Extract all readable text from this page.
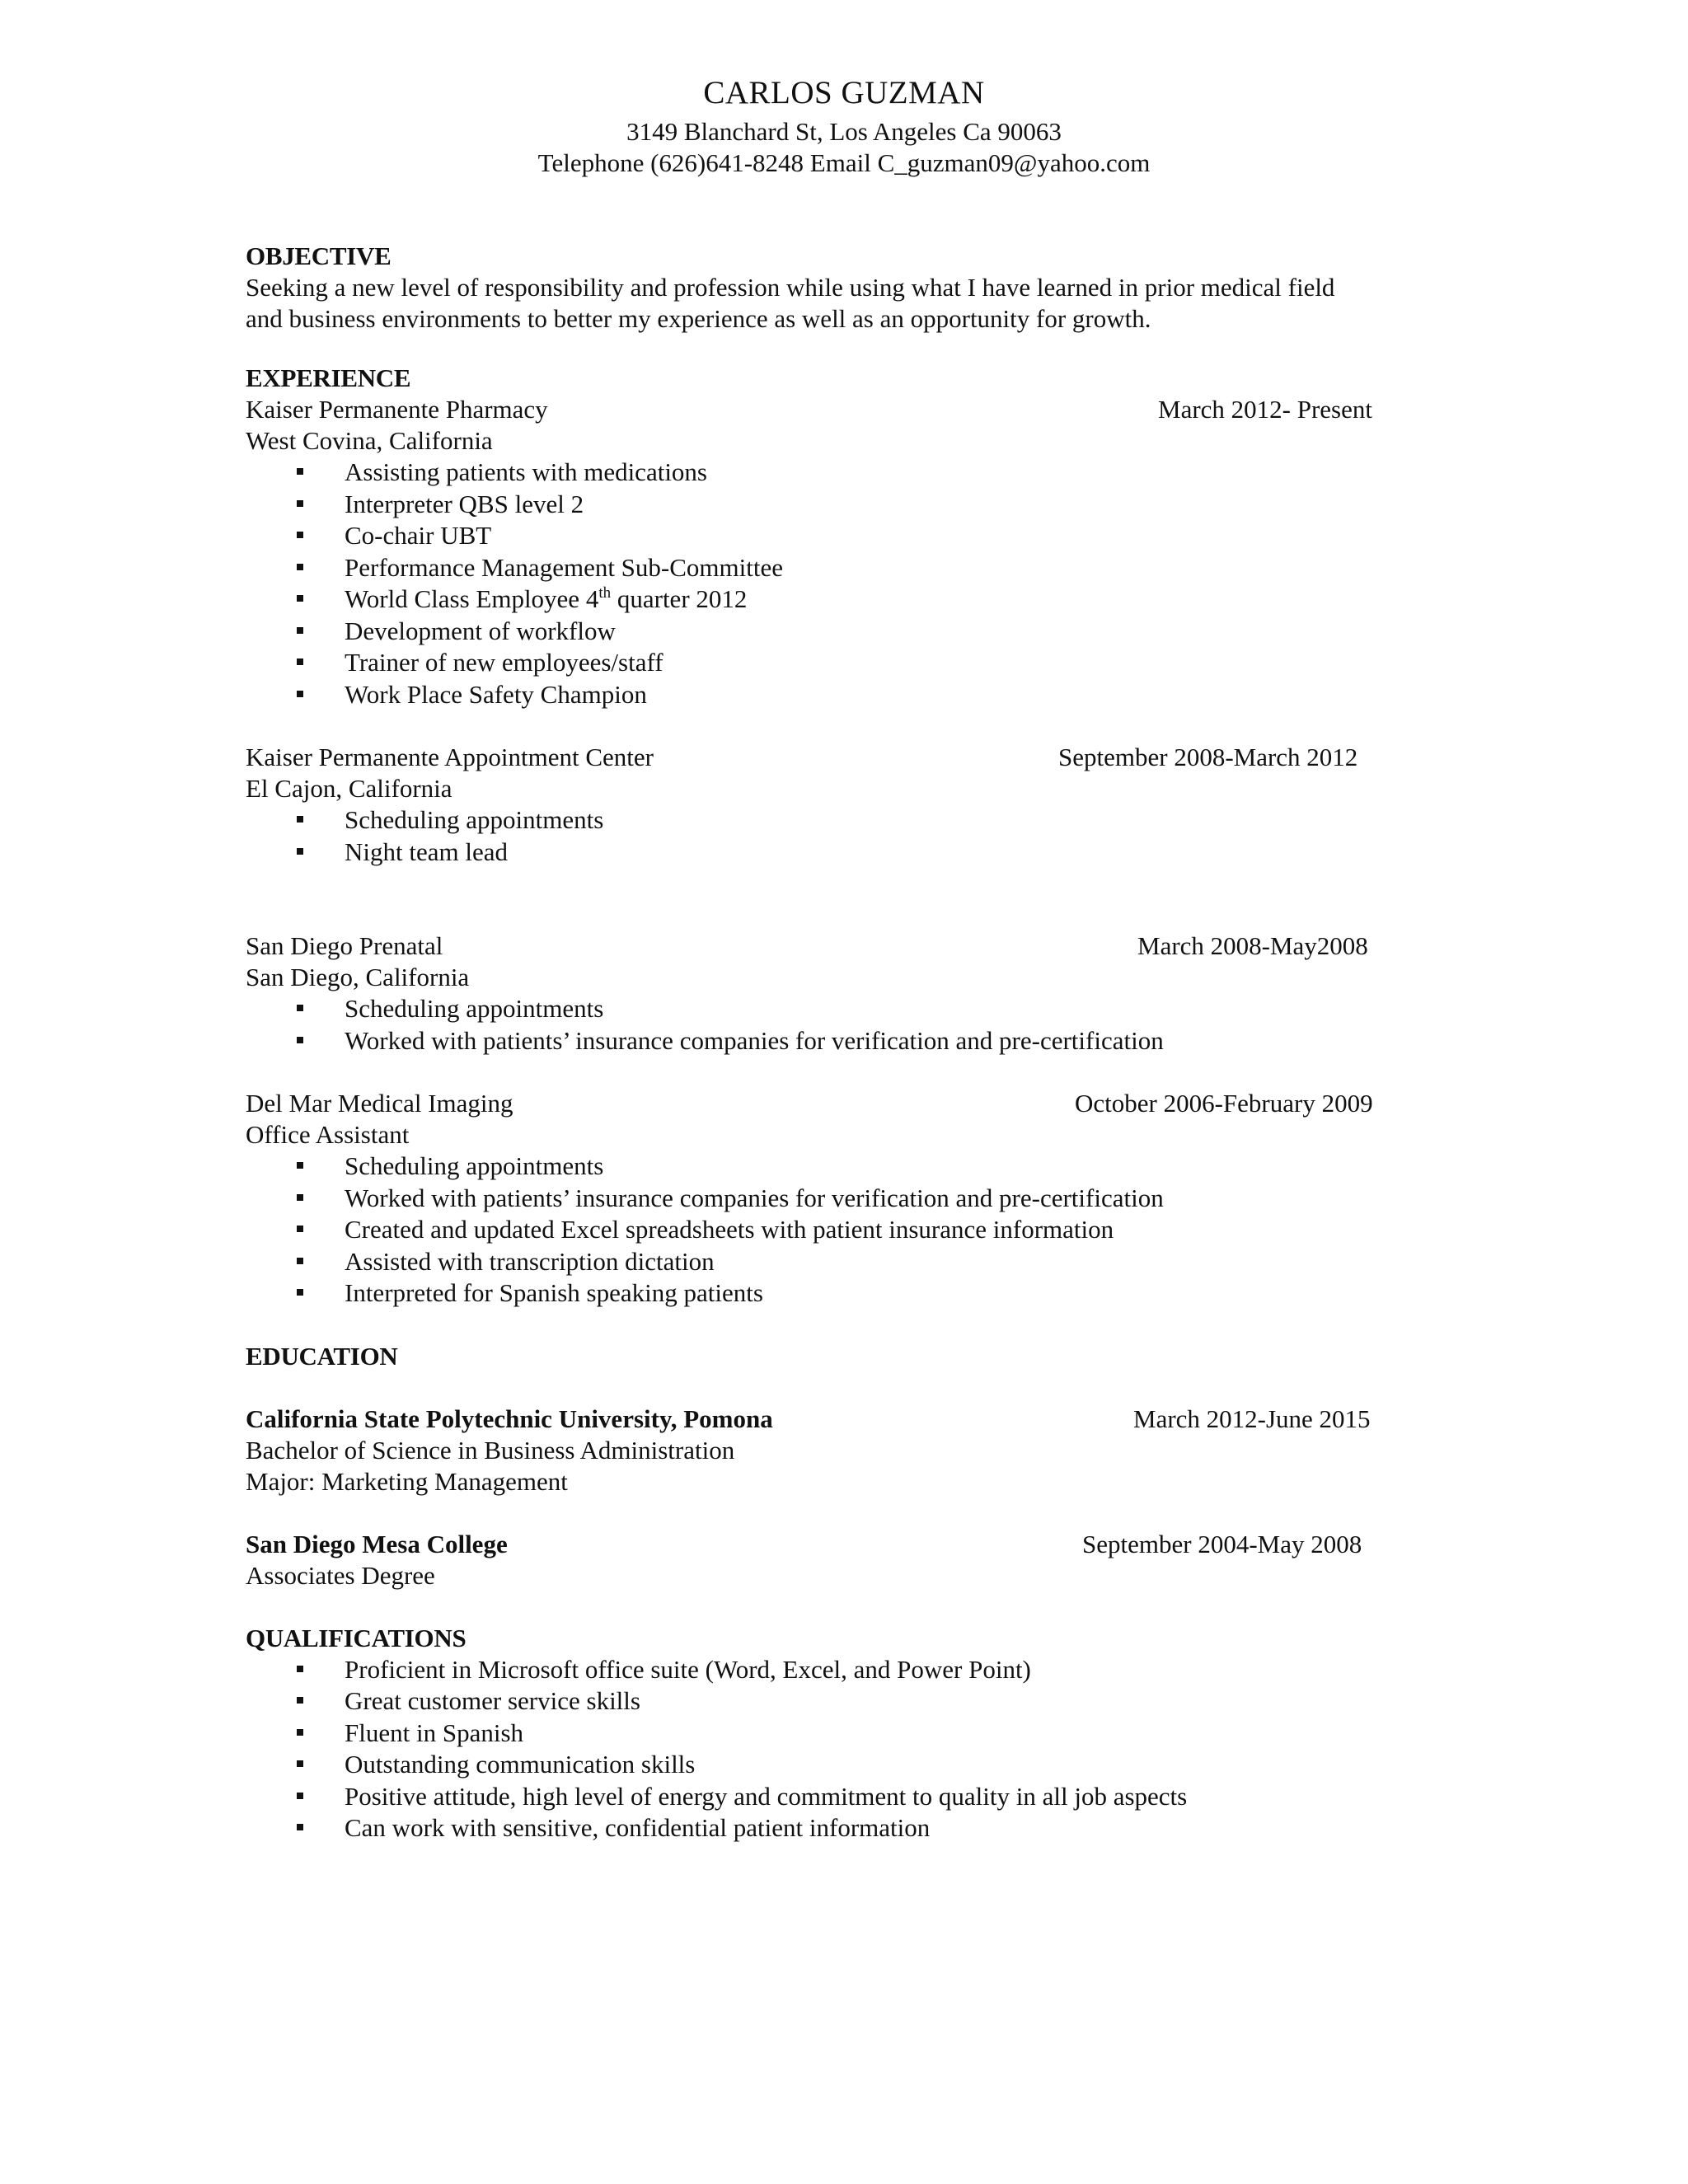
CARLOS GUZMAN
3149 Blanchard St, Los Angeles Ca 90063
Telephone (626)641-8248 Email C_guzman09@yahoo.com
OBJECTIVE
Seeking a new level of responsibility and profession while using what I have learned in prior medical field
and business environments to better my experience as well as an opportunity for growth.
EXPERIENCE
Kaiser Permanente Pharmacy	March 2012- Present
West Covina, California
Assisting patients with medications
Interpreter QBS level 2
Co-chair UBT
Performance Management Sub-Committee
World Class Employee 4th quarter 2012
Development of workflow
Trainer of new employees/staff
Work Place Safety Champion
Kaiser Permanente Appointment Center	September 2008-March 2012
El Cajon, California
Scheduling appointments
Night team lead
San Diego Prenatal	March 2008-May2008
San Diego, California
Scheduling appointments
Worked with patients’ insurance companies for verification and pre-certification
Del Mar Medical Imaging	October 2006-February 2009
Office Assistant
Scheduling appointments
Worked with patients’ insurance companies for verification and pre-certification
Created and updated Excel spreadsheets with patient insurance information
Assisted with transcription dictation
Interpreted for Spanish speaking patients
EDUCATION
California State Polytechnic University, Pomona	March 2012-June 2015
Bachelor of Science in Business Administration
Major: Marketing Management
San Diego Mesa College	September 2004-May 2008
Associates Degree
QUALIFICATIONS
Proficient in Microsoft office suite (Word, Excel, and Power Point)
Great customer service skills
Fluent in Spanish
Outstanding communication skills
Positive attitude, high level of energy and commitment to quality in all job aspects
Can work with sensitive, confidential patient information
